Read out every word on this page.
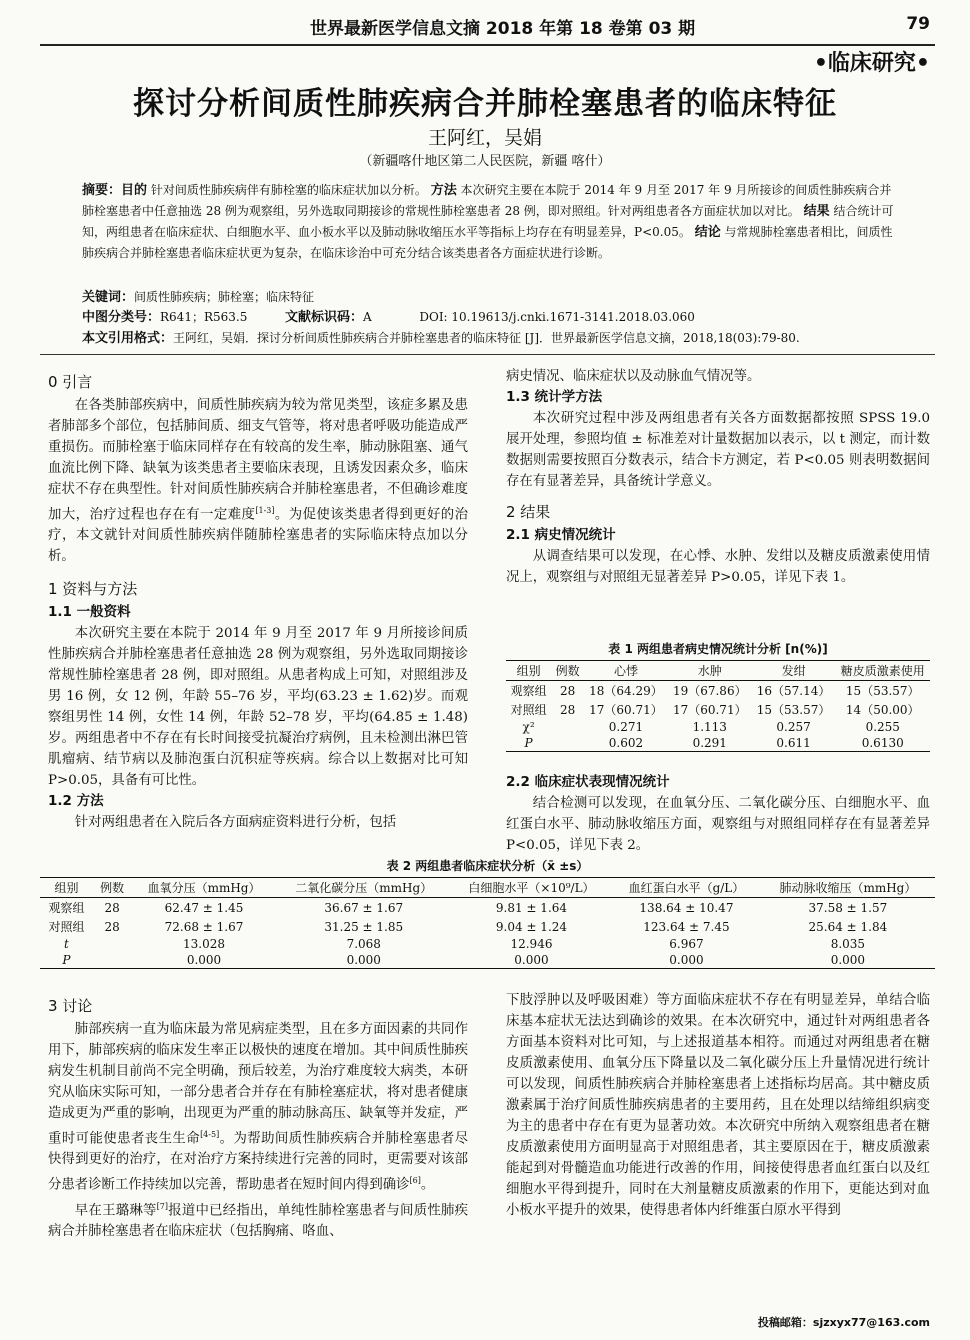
世界最新医学信息文摘 2018 年第 18 卷第 03 期	79
•临床研究•
探讨分析间质性肺疾病合并肺栓塞患者的临床特征
王阿红，吴娟
（新疆喀什地区第二人民医院，新疆 喀什）
摘要：目的 针对间质性肺疾病伴有肺栓塞的临床症状加以分析。 方法 本次研究主要在本院于 2014 年 9 月至 2017 年 9 月所接诊的间质性肺疾病合并肺栓塞患者中任意抽选 28 例为观察组，另外选取同期接诊的常规性肺栓塞患者 28 例，即对照组。针对两组患者各方面症状加以对比。 结果 结合统计可知，两组患者在临床症状、白细胞水平、血小板水平以及肺动脉收缩压水平等指标上均存在有明显差异，P<0.05。 结论 与常规肺栓塞患者相比，间质性肺疾病合并肺栓塞患者临床症状更为复杂，在临床诊治中可充分结合该类患者各方面症状进行诊断。
关键词：间质性肺疾病；肺栓塞；临床特征
中图分类号：R641；R563.5	文献标识码：A	DOI: 10.19613/j.cnki.1671-3141.2018.03.060
本文引用格式：王阿红，吴娟．探讨分析间质性肺疾病合并肺栓塞患者的临床特征 [J]．世界最新医学信息文摘，2018,18(03):79-80.
0 引言

在各类肺部疾病中，间质性肺疾病为较为常见类型，该症多累及患者肺部多个部位，包括肺间质、细支气管等，将对患者呼吸功能造成严重损伤。而肺栓塞于临床同样存在有较高的发生率，肺动脉阻塞、通气血流比例下降、缺氧为该类患者主要临床表现，且诱发因素众多，临床症状不存在典型性。针对间质性肺疾病合并肺栓塞患者，不但确诊难度加大，治疗过程也存在有一定难度[1-3]。为促使该类患者得到更好的治疗，本文就针对间质性肺疾病伴随肺栓塞患者的实际临床特点加以分析。

1 资料与方法
1.1 一般资料

本次研究主要在本院于 2014 年 9 月至 2017 年 9 月所接诊间质性肺疾病合并肺栓塞患者任意抽选 28 例为观察组，另外选取同期接诊常规性肺栓塞患者 28 例，即对照组。从患者构成上可知，对照组涉及男 16 例，女 12 例，年龄 55–76 岁，平均(63.23 ± 1.62)岁。而观察组男性 14 例，女性 14 例，年龄 52–78 岁，平均(64.85 ± 1.48)岁。两组患者中不存在有长时间接受抗凝治疗病例，且未检测出淋巴管肌瘤病、结节病以及肺泡蛋白沉积症等疾病。综合以上数据对比可知 P>0.05，具备有可比性。

1.2 方法

针对两组患者在入院后各方面病症资料进行分析，包括

病史情况、临床症状以及动脉血气情况等。

1.3 统计学方法

本次研究过程中涉及两组患者有关各方面数据都按照 SPSS 19.0 展开处理，参照均值 ± 标准差对计量数据加以表示，以 t 测定，而计数数据则需要按照百分数表示，结合卡方测定，若 P<0.05 则表明数据间存在有显著差异，具备统计学意义。

2 结果
2.1 病史情况统计

从调查结果可以发现，在心悸、水肿、发绀以及糖皮质激素使用情况上，观察组与对照组无显著差异 P>0.05，详见下表 1。

表 1 两组患者病史情况统计分析 [n(%)]
组别	例数	心悸	水肿	发绀	糖皮质激素使用
观察组	28	18（64.29）	19（67.86）	16（57.14）	15（53.57）
对照组	28	17（60.71）	17（60.71）	15（53.57）	14（50.00）
χ²		0.271	1.113	0.257	0.255
P		0.602	0.291	0.611	0.6130
2.2 临床症状表现情况统计

结合检测可以发现，在血氧分压、二氧化碳分压、白细胞水平、血红蛋白水平、肺动脉收缩压方面，观察组与对照组同样存在有显著差异 P<0.05，详见下表 2。

表 2 两组患者临床症状分析（x̄ ±s）
组别	例数	血氧分压（mmHg）	二氧化碳分压（mmHg）	白细胞水平（×10⁹/L）	血红蛋白水平（g/L）	肺动脉收缩压（mmHg）
观察组	28	62.47 ± 1.45	36.67 ± 1.67	9.81 ± 1.64	138.64 ± 10.47	37.58 ± 1.57
对照组	28	72.68 ± 1.67	31.25 ± 1.85	9.04 ± 1.24	123.64 ± 7.45	25.64 ± 1.84
t		13.028	7.068	12.946	6.967	8.035
P		0.000	0.000	0.000	0.000	0.000
3 讨论

肺部疾病一直为临床最为常见病症类型，且在多方面因素的共同作用下，肺部疾病的临床发生率正以极快的速度在增加。其中间质性肺疾病发生机制目前尚不完全明确，预后较差，为治疗难度较大病类，本研究从临床实际可知，一部分患者合并存在有肺栓塞症状，将对患者健康造成更为严重的影响，出现更为严重的肺动脉高压、缺氧等并发症，严重时可能使患者丧生生命[4-5]。为帮助间质性肺疾病合并肺栓塞患者尽快得到更好的治疗，在对治疗方案持续进行完善的同时，更需要对该部分患者诊断工作持续加以完善，帮助患者在短时间内得到确诊[6]。

早在王璐琳等[7]报道中已经指出，单纯性肺栓塞患者与间质性肺疾病合并肺栓塞患者在临床症状（包括胸痛、咯血、

下肢浮肿以及呼吸困难）等方面临床症状不存在有明显差异，单结合临床基本症状无法达到确诊的效果。在本次研究中，通过针对两组患者各方面基本资料对比可知，与上述报道基本相符。而通过对两组患者在糖皮质激素使用、血氧分压下降量以及二氧化碳分压上升量情况进行统计可以发现，间质性肺疾病合并肺栓塞患者上述指标均居高。其中糖皮质激素属于治疗间质性肺疾病患者的主要用药，且在处理以结缔组织病变为主的患者中存在有更为显著功效。本次研究中所纳入观察组患者在糖皮质激素使用方面明显高于对照组患者，其主要原因在于，糖皮质激素能起到对骨髓造血功能进行改善的作用，间接使得患者血红蛋白以及红细胞水平得到提升，同时在大剂量糖皮质激素的作用下，更能达到对血小板水平提升的效果，使得患者体内纤维蛋白原水平得到

投稿邮箱：sjzxyx77@163.com
